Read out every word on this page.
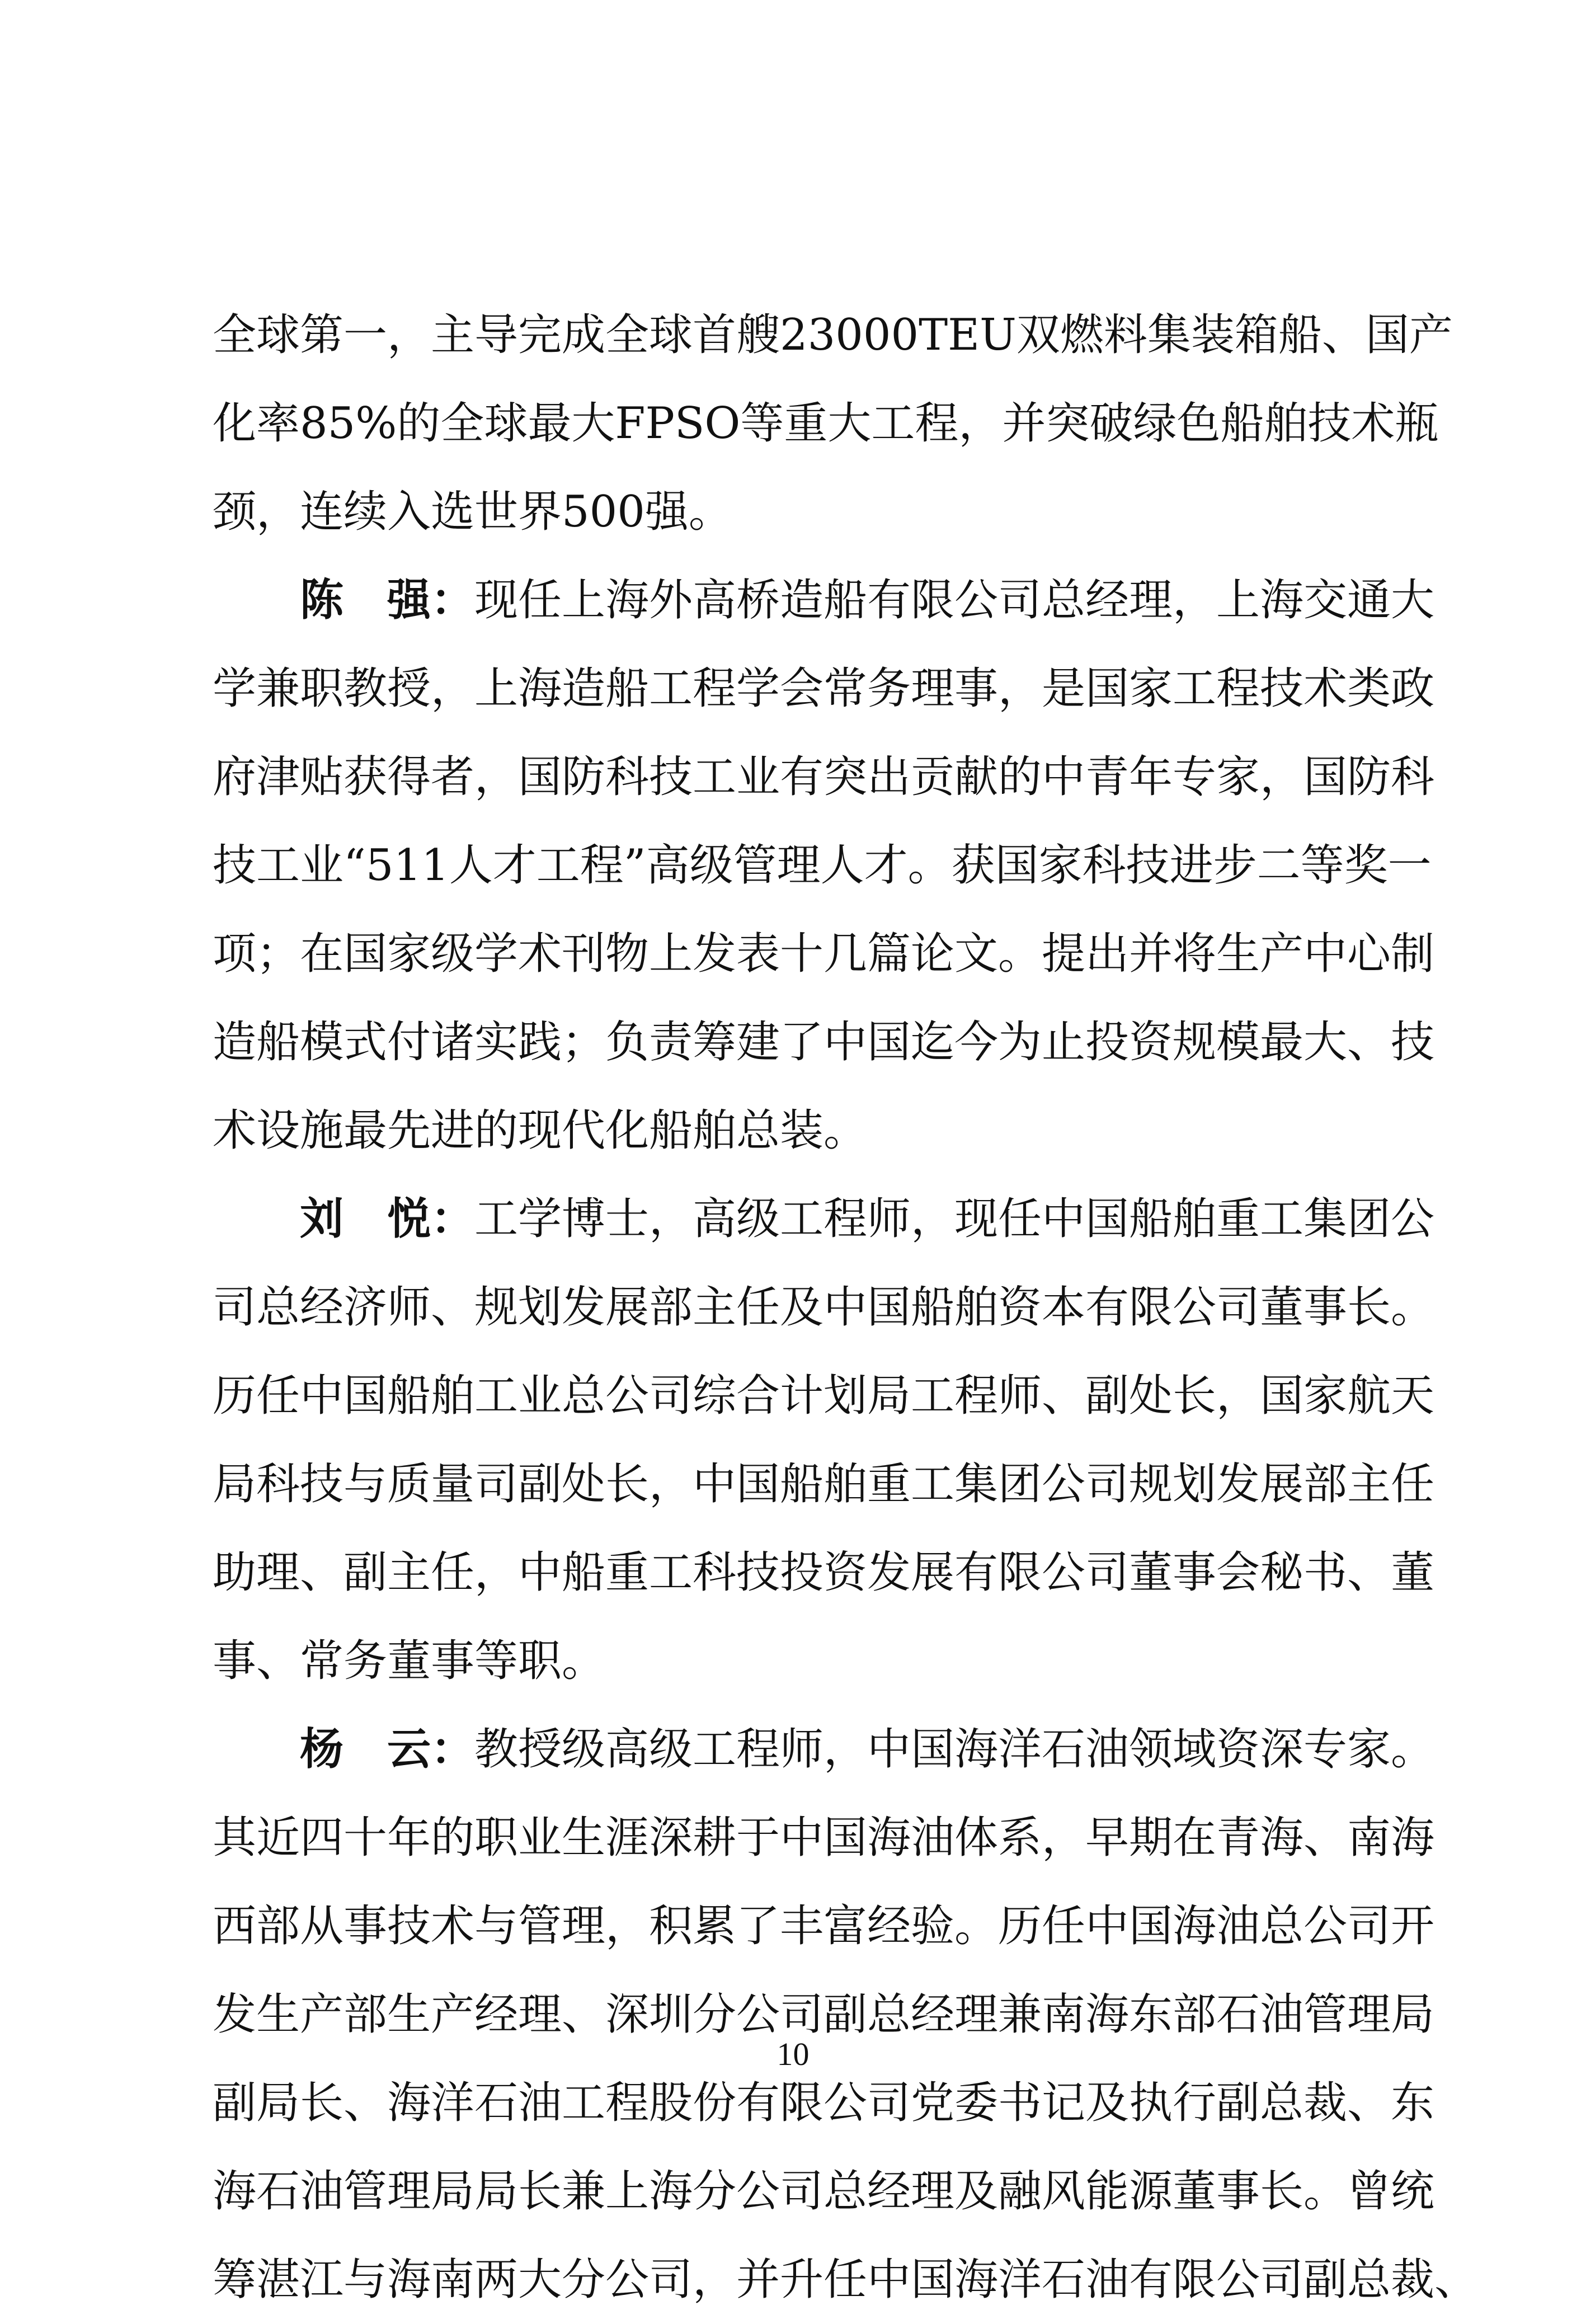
全球第一，主导完成全球首艘23000TEU双燃料集装箱船、国产
化率85%的全球最大FPSO等重大工程，并突破绿色船舶技术瓶
颈，连续入选世界500强。
陈　强：现任上海外高桥造船有限公司总经理，上海交通大
学兼职教授，上海造船工程学会常务理事，是国家工程技术类政
府津贴获得者，国防科技工业有突出贡献的中青年专家，国防科
技工业“511人才工程”高级管理人才。获国家科技进步二等奖一
项；在国家级学术刊物上发表十几篇论文。提出并将生产中心制
造船模式付诸实践；负责筹建了中国迄今为止投资规模最大、技
术设施最先进的现代化船舶总装。
刘　悦：工学博士，高级工程师，现任中国船舶重工集团公
司总经济师、规划发展部主任及中国船舶资本有限公司董事长。
历任中国船舶工业总公司综合计划局工程师、副处长，国家航天
局科技与质量司副处长，中国船舶重工集团公司规划发展部主任
助理、副主任，中船重工科技投资发展有限公司董事会秘书、董
事、常务董事等职。
杨　云：教授级高级工程师，中国海洋石油领域资深专家。
其近四十年的职业生涯深耕于中国海油体系，早期在青海、南海
西部从事技术与管理，积累了丰富经验。历任中国海油总公司开
发生产部生产经理、深圳分公司副总经理兼南海东部石油管理局
副局长、海洋石油工程股份有限公司党委书记及执行副总裁、东
海石油管理局局长兼上海分公司总经理及融风能源董事长。曾统
筹湛江与海南两大分公司，并升任中国海洋石油有限公司副总裁、
10
